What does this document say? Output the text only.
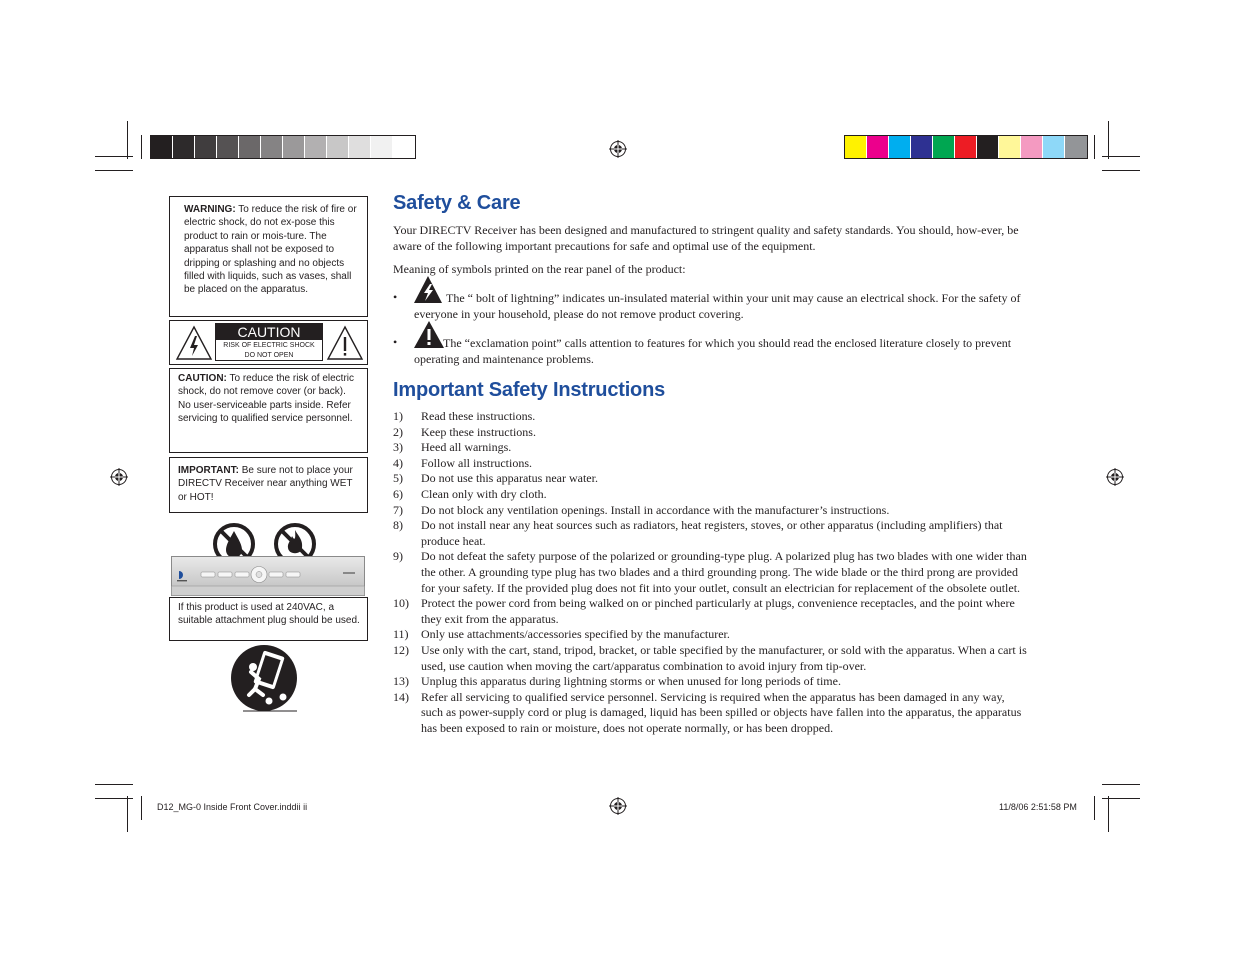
WARNING: To reduce the risk of fire or electric shock, do not ex-pose this product to rain or mois-ture. The apparatus shall not be exposed to dripping or splashing and no objects filled with liquids, such as vases, shall be placed on the apparatus.
CAUTION
RISK OF ELECTRIC SHOCK
DO NOT OPEN
CAUTION: To reduce the risk of electric shock, do not remove cover (or back).
No user-serviceable parts inside. Refer servicing to qualified service personnel.
IMPORTANT: Be sure not to place your DIRECTV Receiver near anything WET or HOT!
If this product is used at 240VAC, a suitable attachment plug should be used.
Safety & Care

Your DIRECTV Receiver has been designed and manufactured to stringent quality and safety standards. You should, how-ever, be aware of the following important precautions for safe and optimal use of the equipment.

Meaning of symbols printed on the rear panel of the product:

•	The “ bolt of lightning” indicates un-insulated material within your unit may cause an electrical shock. For the safety of everyone in your household, please do not remove product covering.

•	The “exclamation point” calls attention to features for which you should read the enclosed literature closely to prevent operating and maintenance problems.

Important Safety Instructions
1)	Read these instructions.
2)	Keep these instructions.
3)	Heed all warnings.
4)	Follow all instructions.
5)	Do not use this apparatus near water.
6)	Clean only with dry cloth.
7)	Do not block any ventilation openings. Install in accordance with the manufacturer’s instructions.
8)	Do not install near any heat sources such as radiators, heat registers, stoves, or other apparatus (including amplifiers) that produce heat.
9)	Do not defeat the safety purpose of the polarized or grounding-type plug. A polarized plug has two blades with one wider than the other. A grounding type plug has two blades and a third grounding prong. The wide blade or the third prong are provided for your safety. If the provided plug does not fit into your outlet, consult an electrician for replacement of the obsolete outlet.
10)	Protect the power cord from being walked on or pinched particularly at plugs, convenience receptacles, and the point where they exit from the apparatus.
11)	Only use attachments/accessories specified by the manufacturer.
12)	Use only with the cart, stand, tripod, bracket, or table specified by the manufacturer, or sold with the apparatus. When a cart is used, use caution when moving the cart/apparatus combination to avoid injury from tip-over.
13)	Unplug this apparatus during lightning storms or when unused for long periods of time.
14)	Refer all servicing to qualified service personnel. Servicing is required when the apparatus has been damaged in any way, such as power-supply cord or plug is damaged, liquid has been spilled or objects have fallen into the apparatus, the apparatus has been exposed to rain or moisture, does not operate normally, or has been dropped.
D12_MG-0 Inside Front Cover.inddii ii	11/8/06 2:51:58 PM
